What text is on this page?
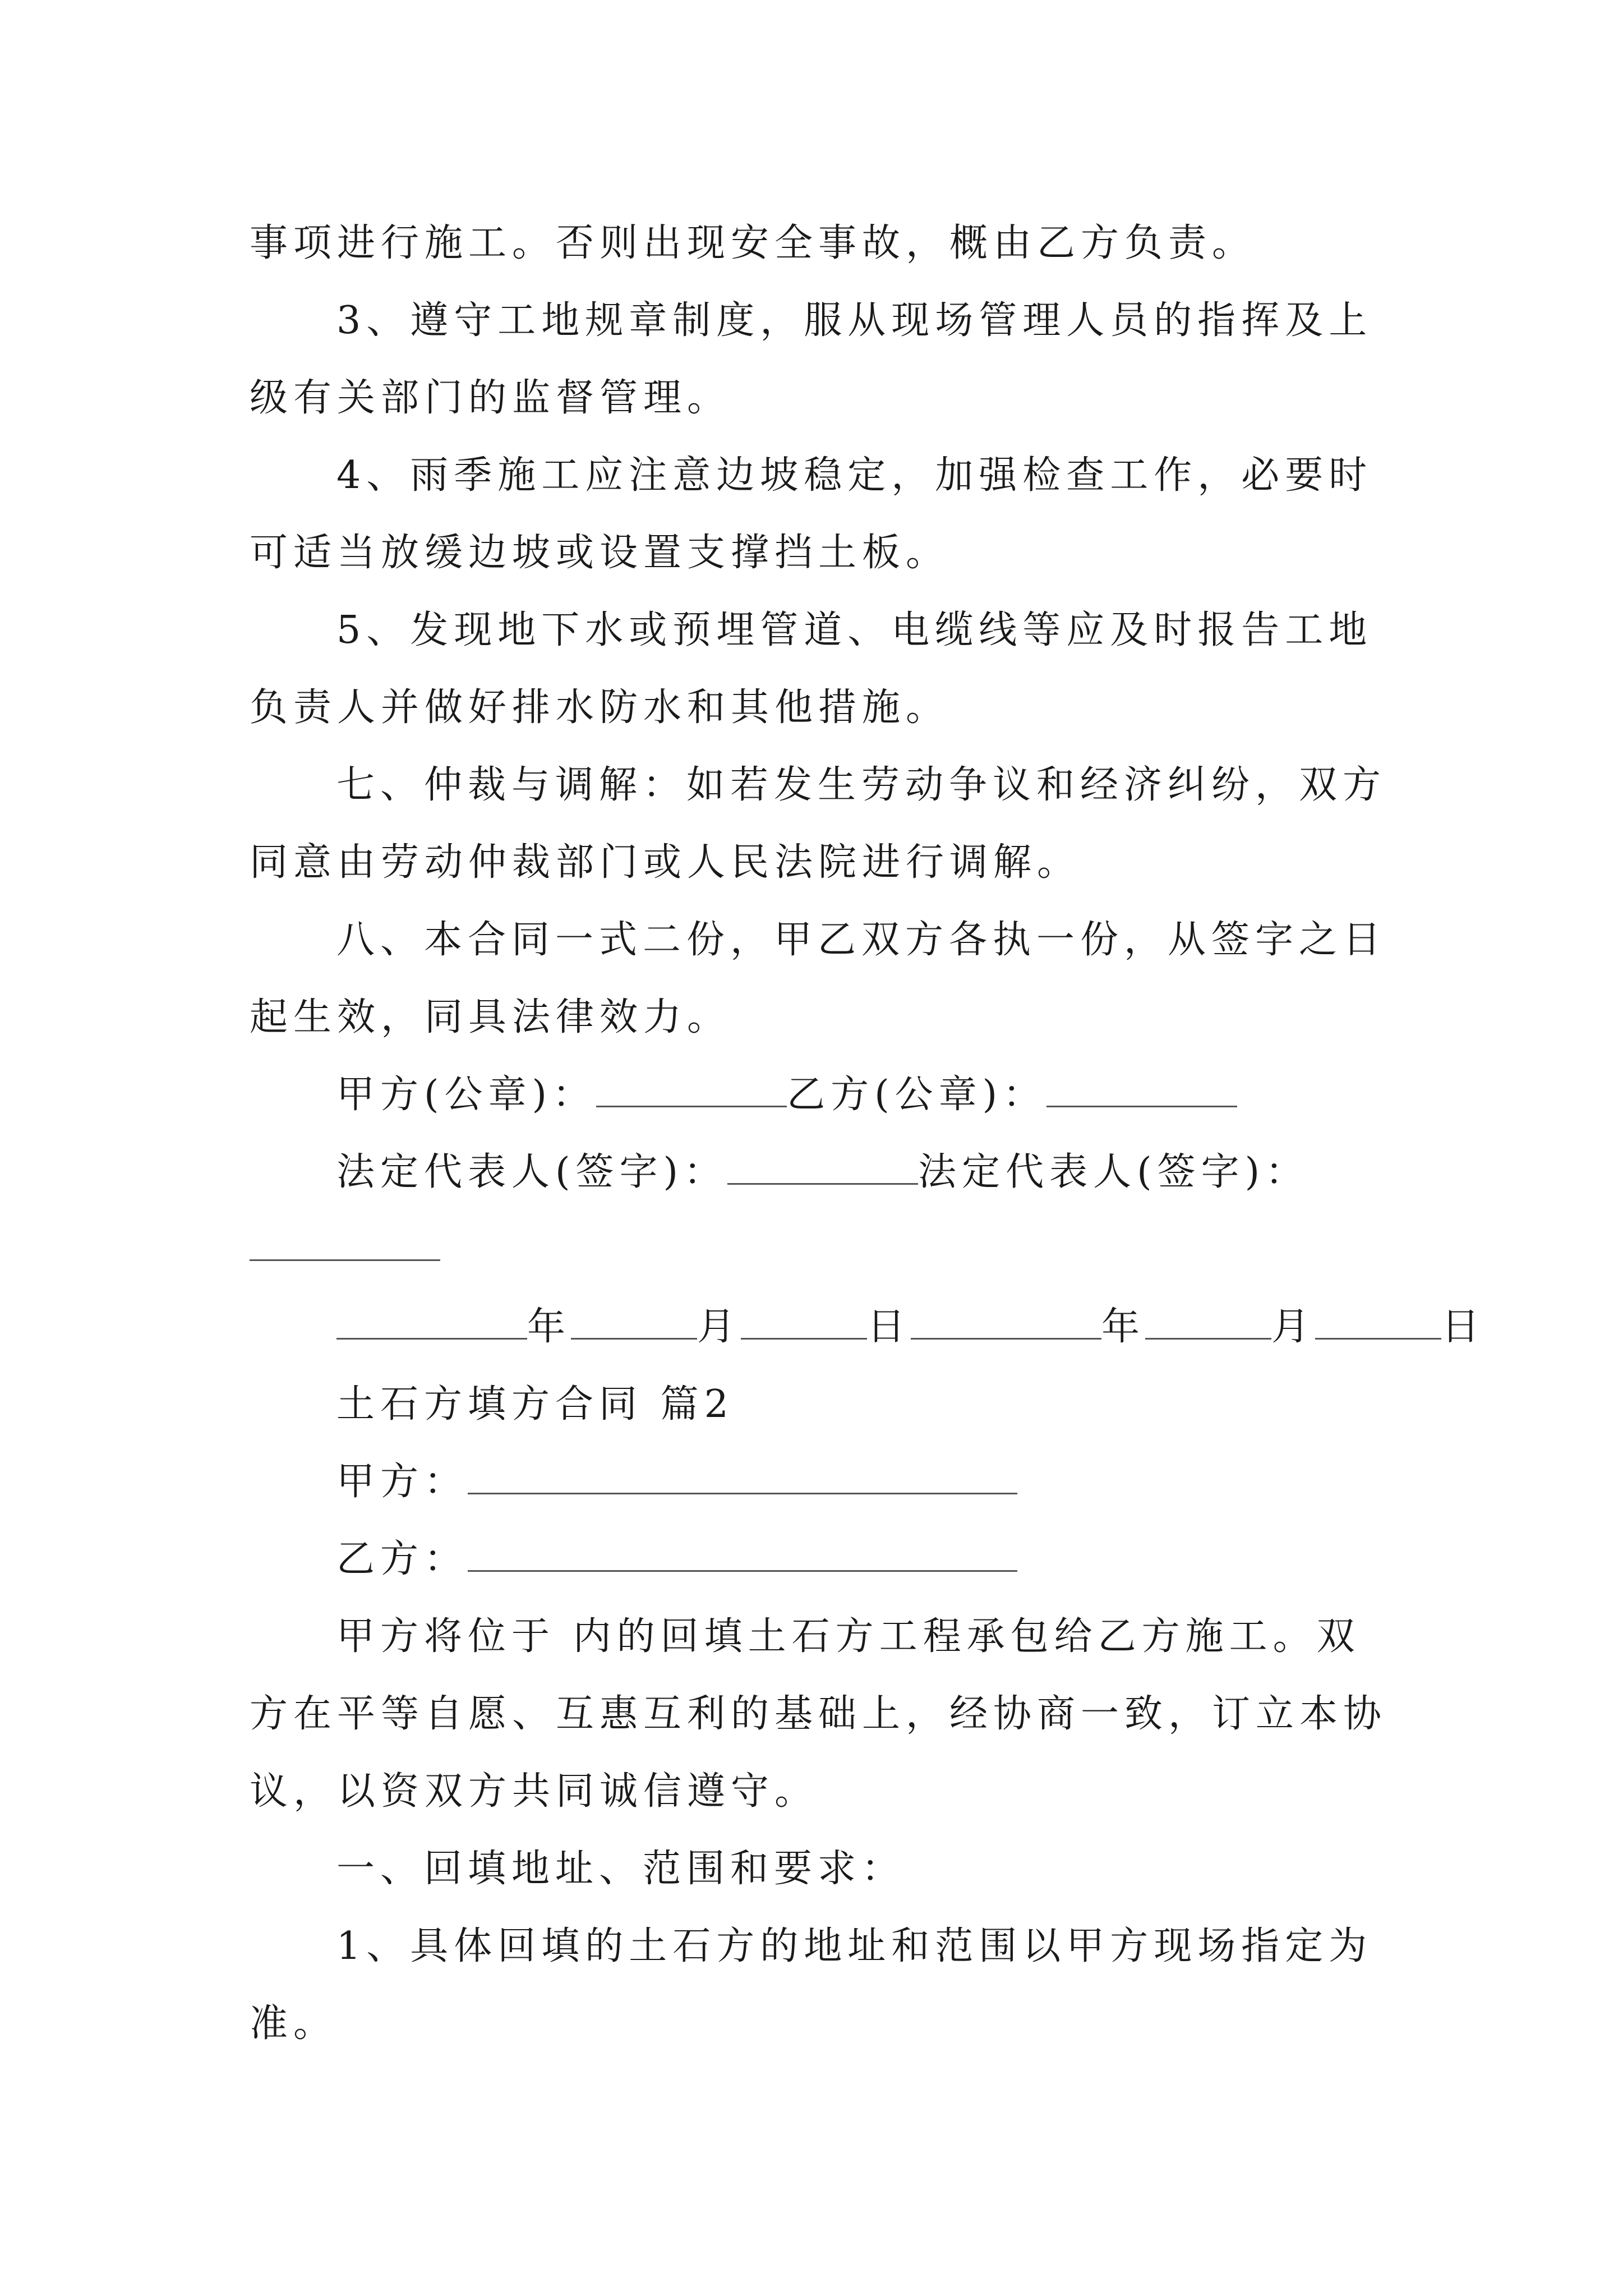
事项进行施工。否则出现安全事故，概由乙方负责。
3、遵守工地规章制度，服从现场管理人员的指挥及上
级有关部门的监督管理。
4、雨季施工应注意边坡稳定，加强检查工作，必要时
可适当放缓边坡或设置支撑挡土板。
5、发现地下水或预埋管道、电缆线等应及时报告工地
负责人并做好排水防水和其他措施。
七、仲裁与调解：如若发生劳动争议和经济纠纷，双方
同意由劳动仲裁部门或人民法院进行调解。
八、本合同一式二份，甲乙双方各执一份，从签字之日
起生效，同具法律效力。
甲方(公章)：	乙方(公章)：
法定代表人(签字)：	法定代表人(签字)：
年	月	日	年	月	日
土石方填方合同 篇2
甲方：
乙方：
甲方将位于 内的回填土石方工程承包给乙方施工。双
方在平等自愿、互惠互利的基础上，经协商一致，订立本协
议，以资双方共同诚信遵守。
一、回填地址、范围和要求：
1、具体回填的土石方的地址和范围以甲方现场指定为
准。
